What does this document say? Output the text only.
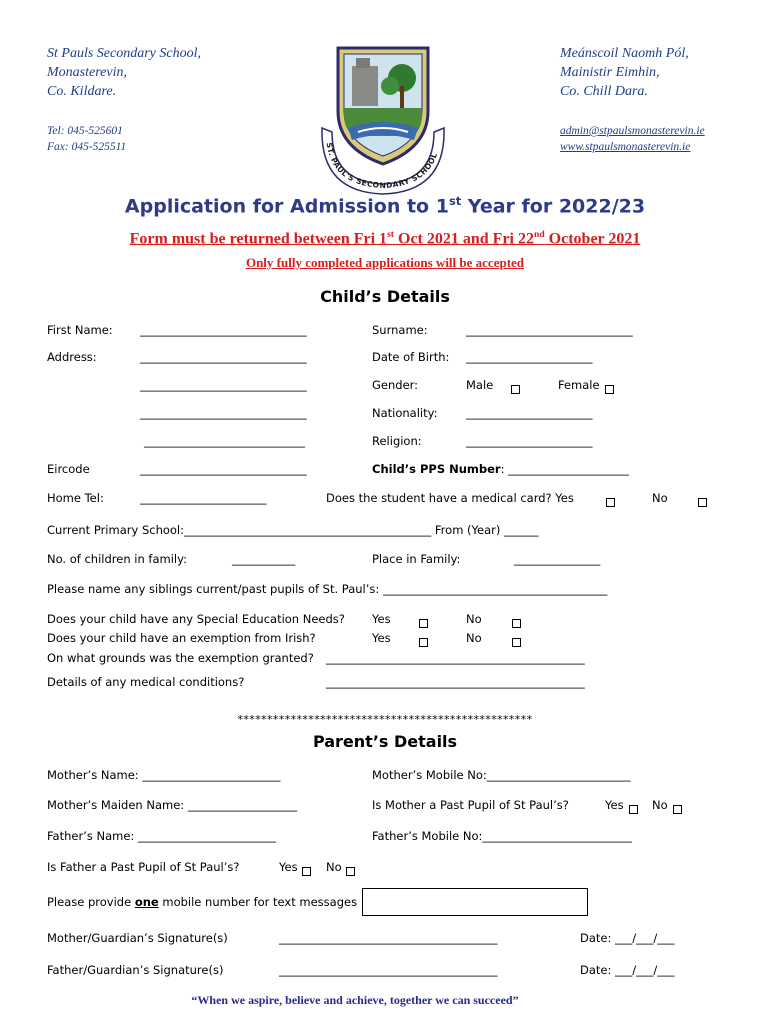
St Pauls Secondary School,
Monasterevin,
Co. Kildare.
Tel: 045-525601
Fax: 045-525511
Meánscoil Naomh Pól,
Mainistir Eimhin,
Co. Chill Dara.
admin@stpaulsmonasterevin.ie
www.stpaulsmonasterevin.ie
ST. PAUL'S SECONDARY SCHOOL
Application for Admission to 1st Year for 2022/23
Form must be returned between Fri 1st Oct 2021 and Fri 22nd October 2021
Only fully completed applications will be accepted
Child’s Details
First Name: _____________________________	Surname:	_____________________________
Address:	_____________________________	Date of Birth: ______________________
_____________________________	Gender:	Male	Female
_____________________________	Nationality: ______________________
____________________________	Religion:	______________________
Eircode	_____________________________	Child’s PPS Number: _____________________
Home Tel:	______________________	Does the student have a medical card? Yes	No
Current Primary School:___________________________________________ From (Year) ______
No. of children in family:	___________	Place in Family:	_______________
Please name any siblings current/past pupils of St. Paul’s: _______________________________________
Does your child have any Special Education Needs? Yes	No
Does your child have an exemption from Irish?	Yes	No
On what grounds was the exemption granted? _____________________________________________
Details of any medical conditions?	_____________________________________________
**************************************************
Parent’s Details
Mother’s Name: ________________________	Mother’s Mobile No:_________________________
Mother’s Maiden Name: ___________________	Is Mother a Past Pupil of St Paul’s?	Yes No
Father’s Name: ________________________	Father’s Mobile No:__________________________
Is Father a Past Pupil of St Paul’s?	Yes No
Please provide one mobile number for text messages
Mother/Guardian’s Signature(s)	______________________________________	Date: ___/___/___
Father/Guardian’s Signature(s)	______________________________________	Date: ___/___/___
“When we aspire, believe and achieve, together we can succeed”
